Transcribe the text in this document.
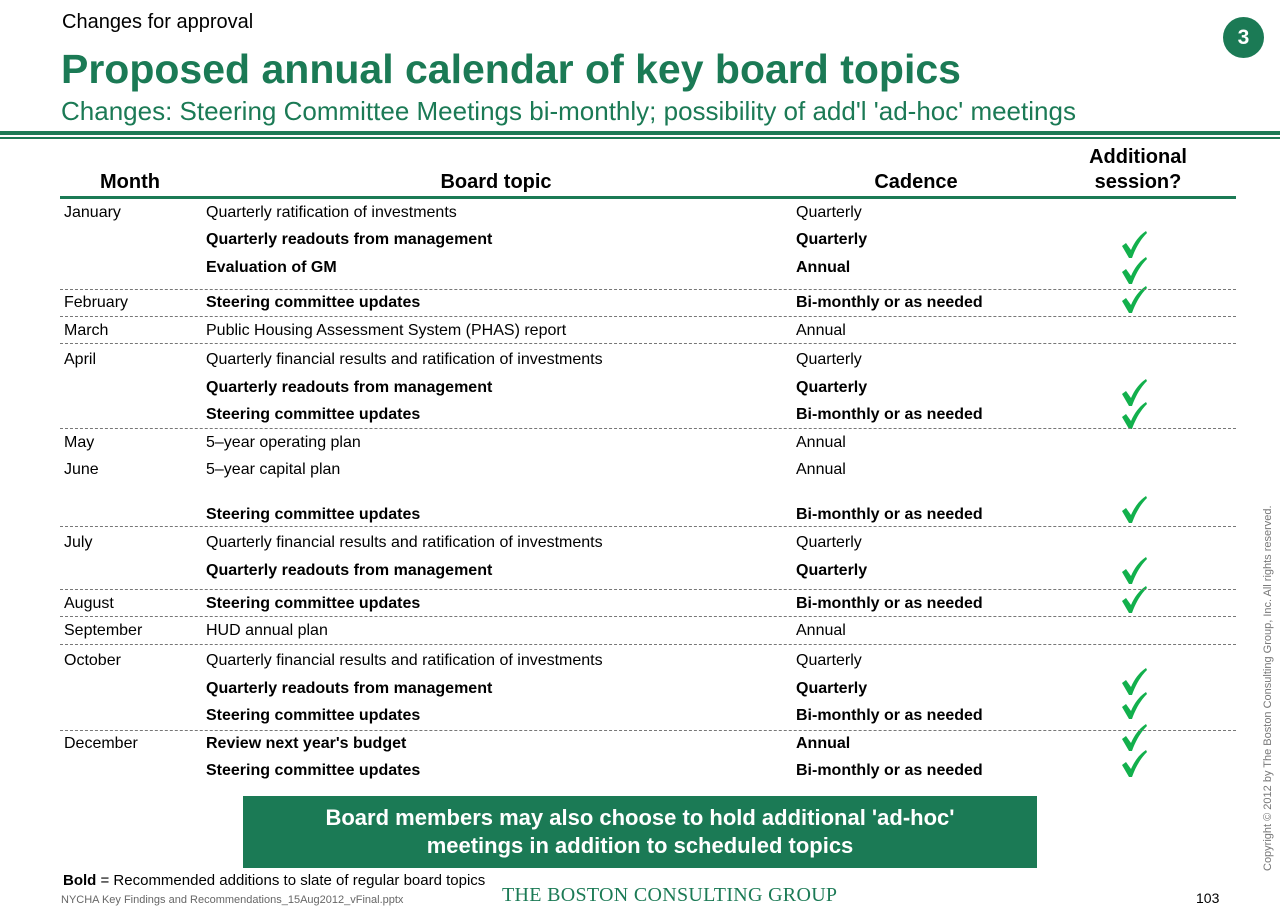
Changes for approval
3
Proposed annual calendar of key board topics
Changes: Steering Committee Meetings bi-monthly; possibility of add'l 'ad-hoc' meetings
Month	Board topic	Cadence
Additional
session?
January	Quarterly ratification of investments	Quarterly
Quarterly readouts from management	Quarterly
Evaluation of GM	Annual
February	Steering committee updates	Bi-monthly or as needed
March	Public Housing Assessment System (PHAS) report	Annual
April	Quarterly financial results and ratification of investments	Quarterly
Quarterly readouts from management	Quarterly
Steering committee updates	Bi-monthly or as needed
May	5–year operating plan	Annual
June	5–year capital plan	Annual
Steering committee updates	Bi-monthly or as needed
July	Quarterly financial results and ratification of investments	Quarterly
Quarterly readouts from management	Quarterly
August	Steering committee updates	Bi-monthly or as needed
September	HUD annual plan	Annual
October	Quarterly financial results and ratification of investments	Quarterly
Quarterly readouts from management	Quarterly
Steering committee updates	Bi-monthly or as needed
December	Review next year's budget	Annual
Steering committee updates	Bi-monthly or as needed
Board members may also choose to hold additional 'ad-hoc'
meetings in addition to scheduled topics
Bold = Recommended additions to slate of regular board topics
NYCHA Key Findings and Recommendations_15Aug2012_vFinal.pptx	THE BOSTON CONSULTING GROUP	103
Copyright © 2012 by The Boston Consulting Group, Inc. All rights reserved.
